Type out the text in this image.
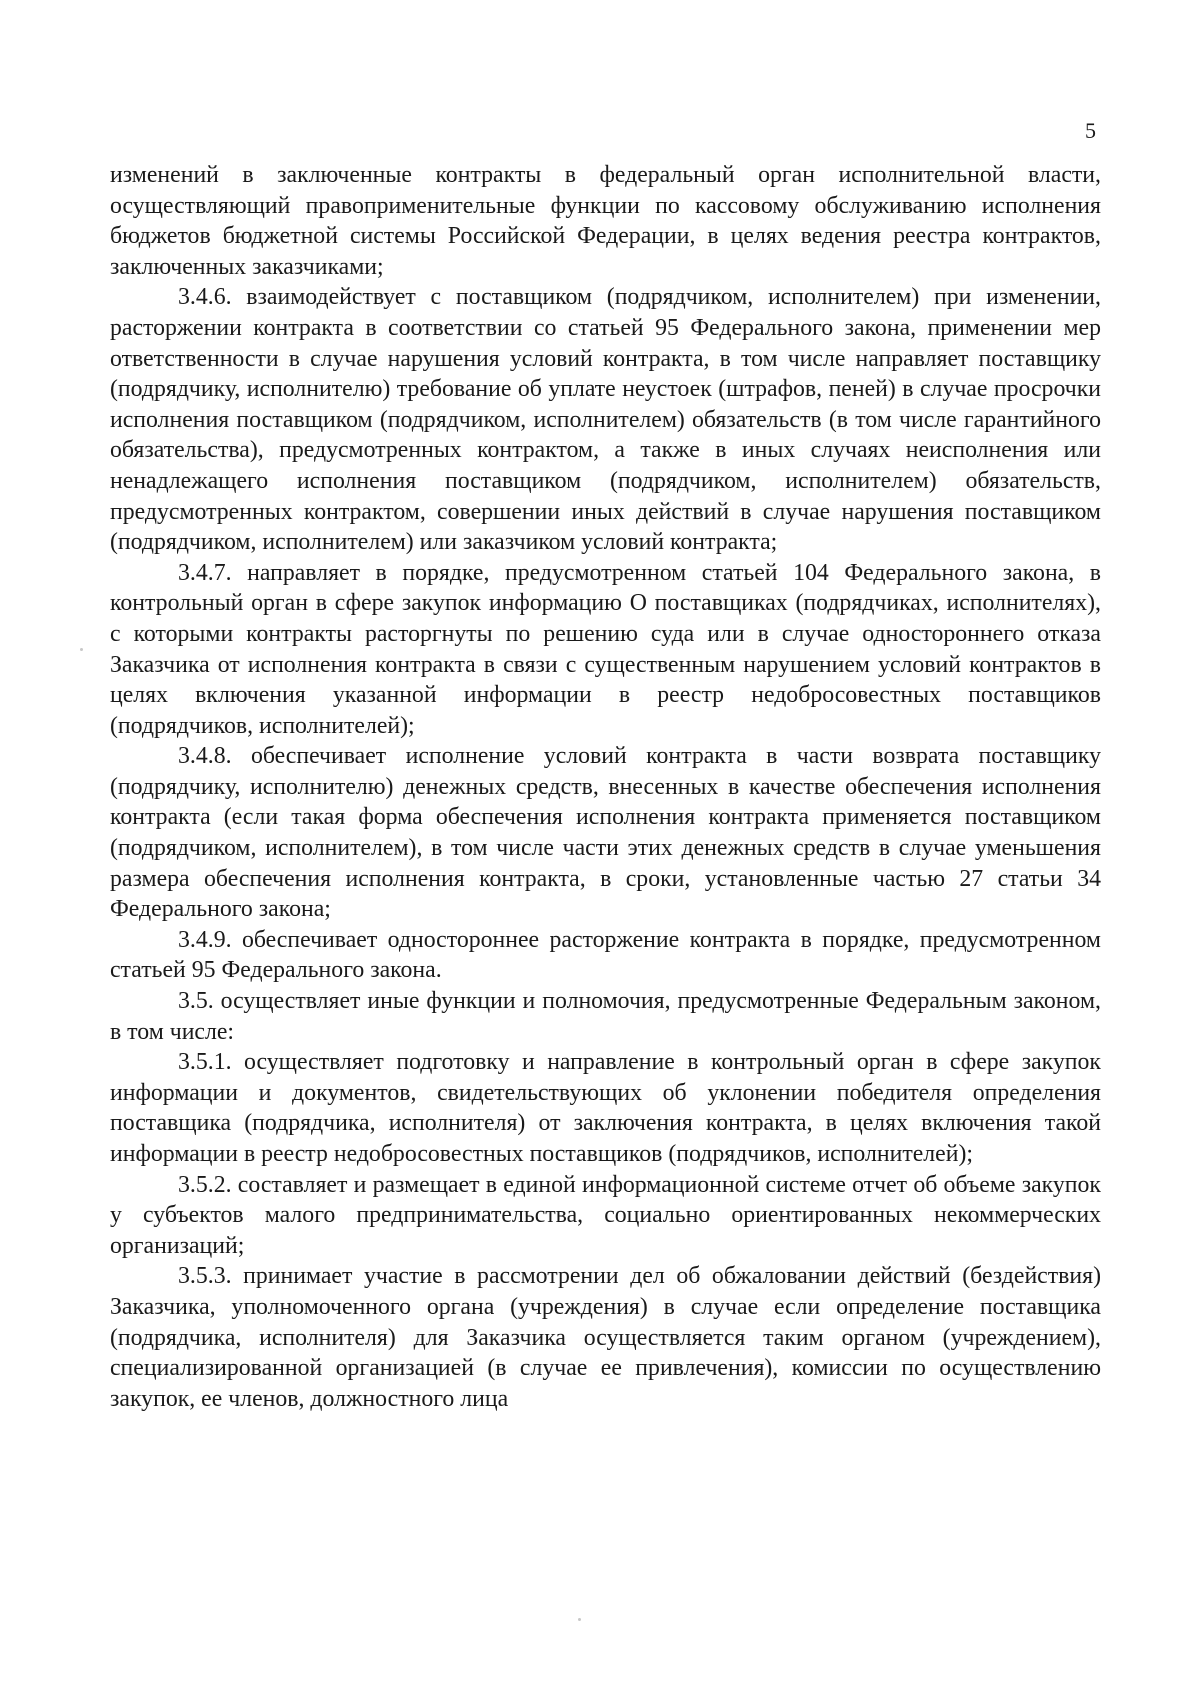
5

изменений в заключенные контракты в федеральный орган исполнительной власти, осуществляющий правоприменительные функции по кассовому обслуживанию исполнения бюджетов бюджетной системы Российской Федерации, в целях ведения реестра контрактов, заключенных заказчиками;

3.4.6. взаимодействует с поставщиком (подрядчиком, исполнителем) при изменении, расторжении контракта в соответствии со статьей 95 Федерального закона, применении мер ответственности в случае нарушения условий контракта, в том числе направляет поставщику (подрядчику, исполнителю) требование об уплате неустоек (штрафов, пеней) в случае просрочки исполнения поставщиком (подрядчиком, исполнителем) обязательств (в том числе гарантийного обязательства), предусмотренных контрактом, а также в иных случаях неисполнения или ненадлежащего исполнения поставщиком (подрядчиком, исполнителем) обязательств, предусмотренных контрактом, совершении иных действий в случае нарушения поставщиком (подрядчиком, исполнителем) или заказчиком условий контракта;

3.4.7. направляет в порядке, предусмотренном статьей 104 Федерального закона, в контрольный орган в сфере закупок информацию О поставщиках (подрядчиках, исполнителях), с которыми контракты расторгнуты по решению суда или в случае одностороннего отказа Заказчика от исполнения контракта в связи с существенным нарушением условий контрактов в целях включения указанной информации в реестр недобросовестных поставщиков (подрядчиков, исполнителей);

3.4.8. обеспечивает исполнение условий контракта в части возврата поставщику (подрядчику, исполнителю) денежных средств, внесенных в качестве обеспечения исполнения контракта (если такая форма обеспечения исполнения контракта применяется поставщиком (подрядчиком, исполнителем), в том числе части этих денежных средств в случае уменьшения размера обеспечения исполнения контракта, в сроки, установленные частью 27 статьи 34 Федерального закона;

3.4.9. обеспечивает одностороннее расторжение контракта в порядке, предусмотренном статьей 95 Федерального закона.

3.5. осуществляет иные функции и полномочия, предусмотренные Федеральным законом, в том числе:

3.5.1. осуществляет подготовку и направление в контрольный орган в сфере закупок информации и документов, свидетельствующих об уклонении победителя определения поставщика (подрядчика, исполнителя) от заключения контракта, в целях включения такой информации в реестр недобросовестных поставщиков (подрядчиков, исполнителей);

3.5.2. составляет и размещает в единой информационной системе отчет об объеме закупок у субъектов малого предпринимательства, социально ориентированных некоммерческих организаций;

3.5.3. принимает участие в рассмотрении дел об обжаловании действий (бездействия) Заказчика, уполномоченного органа (учреждения) в случае если определение поставщика (подрядчика, исполнителя) для Заказчика осуществляется таким органом (учреждением), специализированной организацией (в случае ее привлечения), комиссии по осуществлению закупок, ее членов, должностного лица
